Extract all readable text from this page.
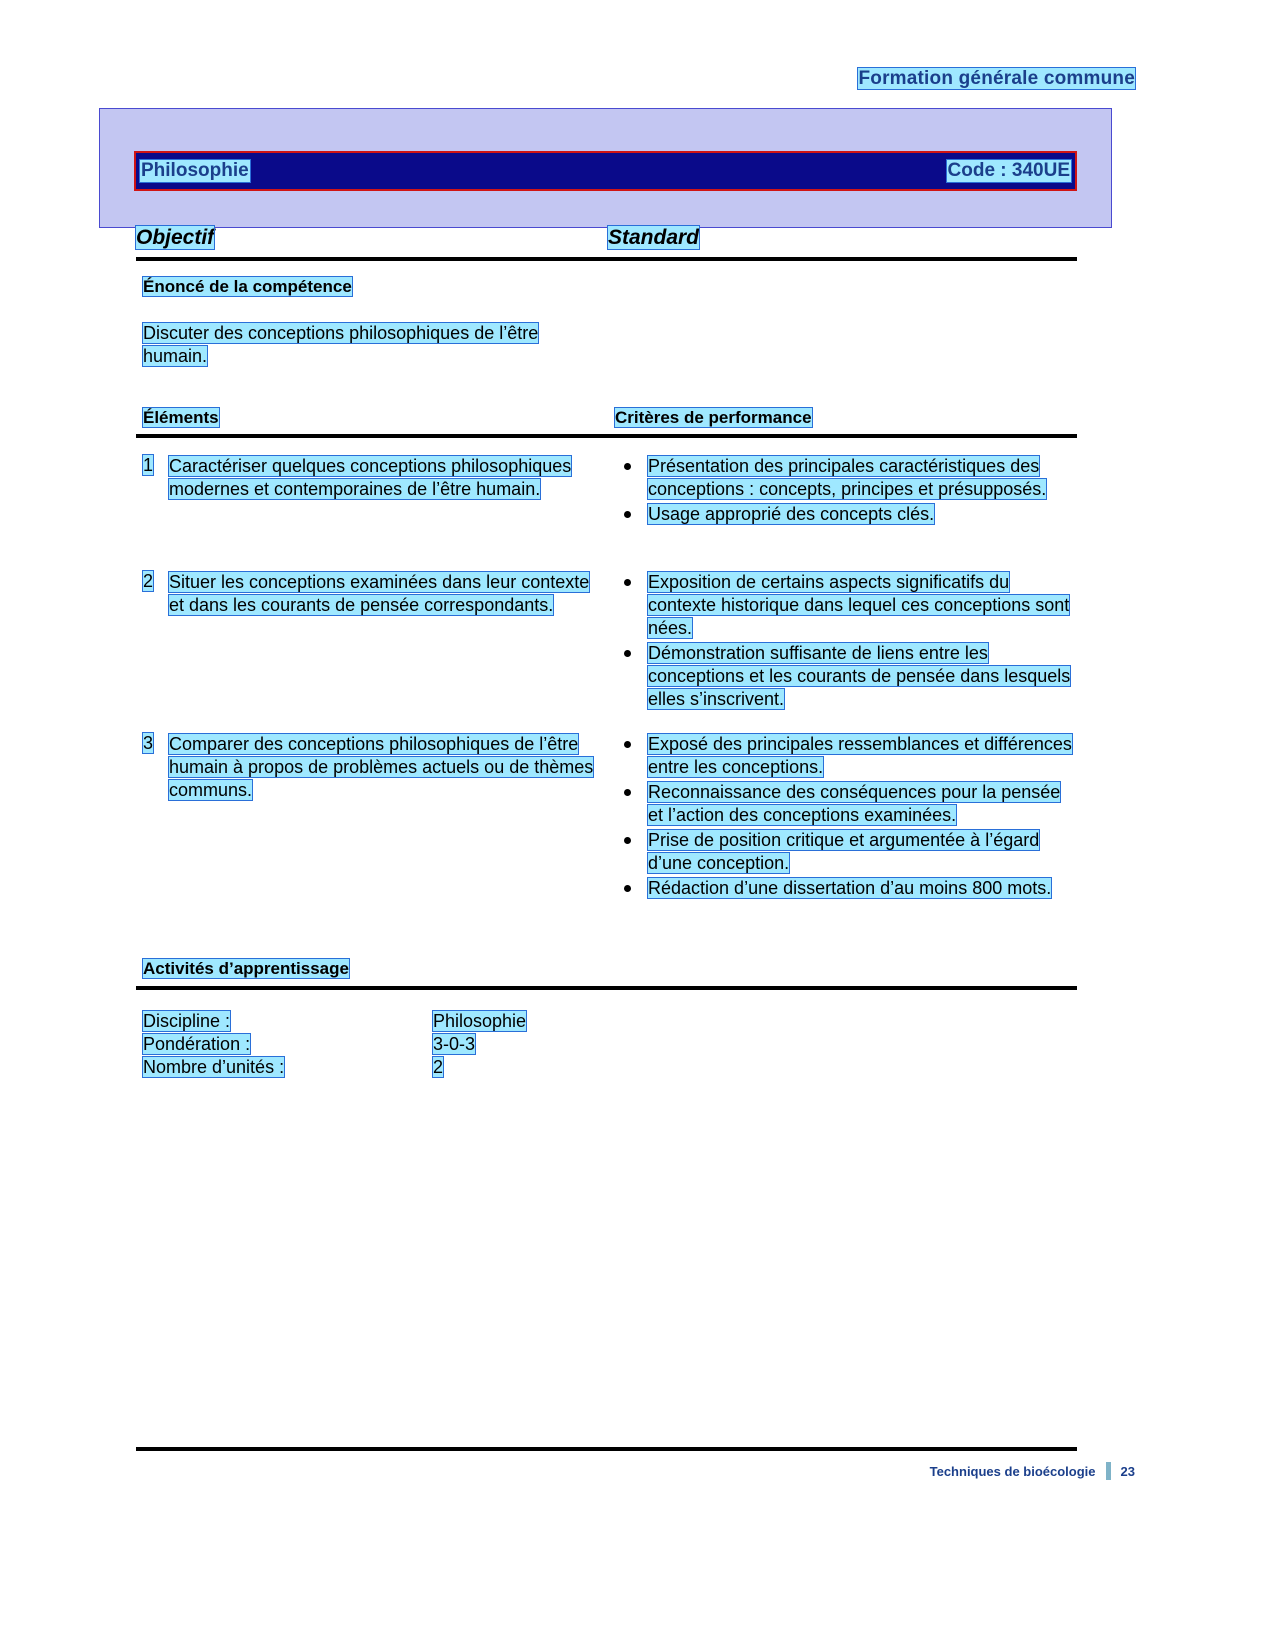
Formation générale commune
Philosophie	Code : 340UE
Objectif	Standard
Énoncé de la compétence
Discuter des conceptions philosophiques de l’être humain.
Éléments	Critères de performance
1 Caractériser quelques conceptions philosophiques modernes et contemporaines de l’être humain.
Présentation des principales caractéristiques des conceptions : concepts, principes et présupposés.
Usage approprié des concepts clés.
2 Situer les conceptions examinées dans leur contexte et dans les courants de pensée correspondants.
Exposition de certains aspects significatifs du contexte historique dans lequel ces conceptions sont nées.
Démonstration suffisante de liens entre les conceptions et les courants de pensée dans lesquels elles s’inscrivent.
3 Comparer des conceptions philosophiques de l’être humain à propos de problèmes actuels ou de thèmes communs.
Exposé des principales ressemblances et différences entre les conceptions.
Reconnaissance des conséquences pour la pensée et l’action des conceptions examinées.
Prise de position critique et argumentée à l’égard d’une conception.
Rédaction d’une dissertation d’au moins 800 mots.
Activités d’apprentissage
Discipline :	Philosophie
Pondération :	3-0-3
Nombre d’unités :	2
Techniques de bioécologie 23
